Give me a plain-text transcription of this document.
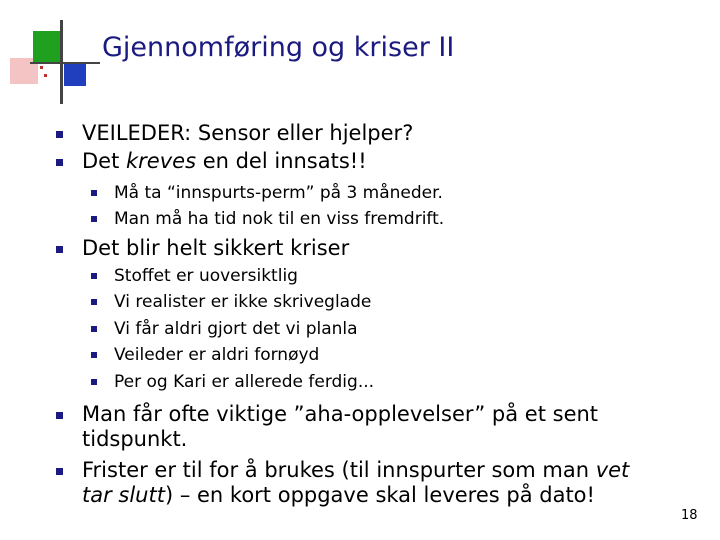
Gjennomføring og kriser II
VEILEDER: Sensor eller hjelper?
Det kreves en del innsats!!
Må ta “innspurts-perm” på 3 måneder.
Man må ha tid nok til en viss fremdrift.
Det blir helt sikkert kriser
Stoffet er uoversiktlig
Vi realister er ikke skriveglade
Vi får aldri gjort det vi planla
Veileder er aldri fornøyd
Per og Kari er allerede ferdig...
Man får ofte viktige ”aha-opplevelser” på et sent tidspunkt.
Frister er til for å brukes (til innspurter som man vet tar slutt) – en kort oppgave skal leveres på dato!
18
